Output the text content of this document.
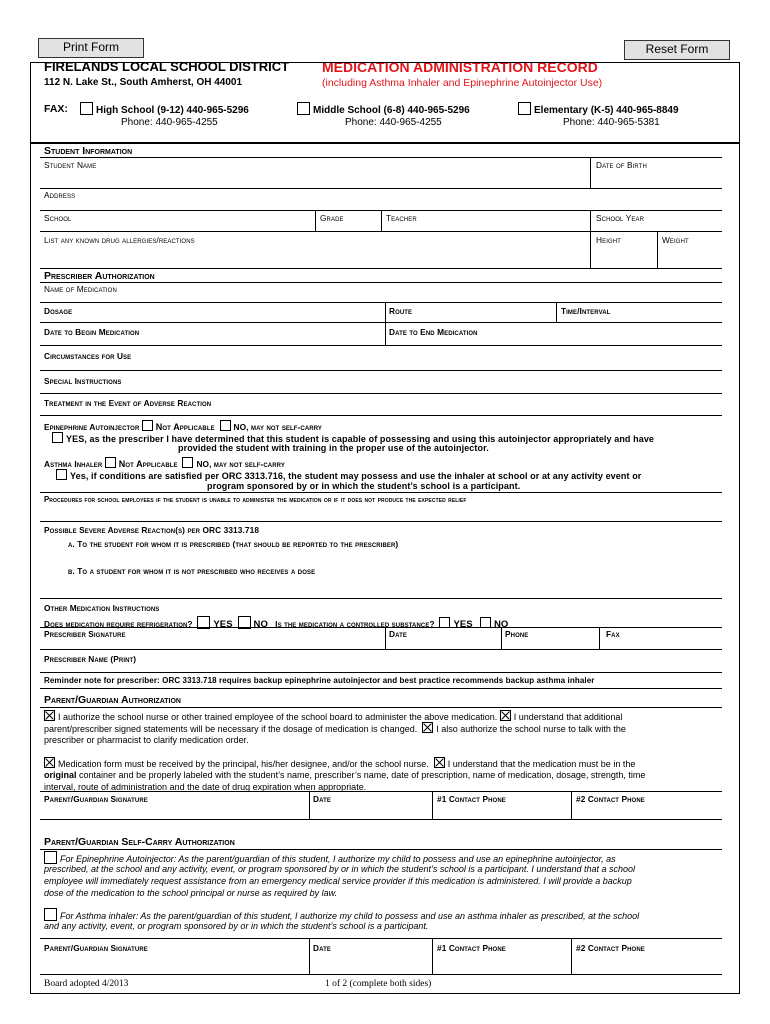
Print Form	Reset Form
FIRELANDS LOCAL SCHOOL DISTRICT
112 N. Lake St., South Amherst, OH 44001
MEDICATION ADMINISTRATION RECORD
(including Asthma Inhaler and Epinephrine Autoinjector Use)
FAX:	High School (9-12) 440-965-5296
Phone: 440-965-4255
Middle School (6-8) 440-965-5296
Phone: 440-965-4255
Elementary (K-5) 440-965-8849
Phone: 440-965-5381
Student Information
Student Name	Date of Birth
Address
School	Grade	Teacher	School Year
List any known drug allergies/reactions	Height	Weight
Prescriber Authorization
Name of Medication
Dosage	Route	Time/Interval
Date to Begin Medication	Date to End Medication
Circumstances for Use
Special Instructions
Treatment in the Event of Adverse Reaction
Epinephrine Autoinjector Not Applicable NO, may not self-carry
YES, as the prescriber I have determined that this student is capable of possessing and using this autoinjector appropriately and have
provided the student with training in the proper use of the autoinjector.
Asthma Inhaler Not Applicable NO, may not self-carry
Yes, if conditions are satisfied per ORC 3313.716, the student may possess and use the inhaler at school or at any activity event or
program sponsored by or in which the student’s school is a participant.
Procedures for school employees if the student is unable to administer the medication or if it does not produce the expected relief
Possible Severe Adverse Reaction(s) per ORC 3313.718
a. To the student for whom it is prescribed (that should be reported to the prescriber)
b. To a student for whom it is not prescribed who receives a dose
Other Medication Instructions
Does medication require refrigeration? YES NO Is the medication a controlled substance? YES NO
Prescriber Signature	Date	Phone	Fax
Prescriber Name (Print)
Reminder note for prescriber: ORC 3313.718 requires backup epinephrine autoinjector and best practice recommends backup asthma inhaler
Parent/Guardian Authorization
I authorize the school nurse or other trained employee of the school board to administer the above medication. I understand that additional
parent/prescriber signed statements will be necessary if the dosage of medication is changed. I also authorize the school nurse to talk with the
prescriber or pharmacist to clarify medication order.
Medication form must be received by the principal, his/her designee, and/or the school nurse. I understand that the medication must be in the
original container and be properly labeled with the student’s name, prescriber’s name, date of prescription, name of medication, dosage, strength, time
interval, route of administration and the date of drug expiration when appropriate.
Parent/Guardian Signature	Date	#1 Contact Phone	#2 Contact Phone
Parent/Guardian Self-Carry Authorization
For Epinephrine Autoinjector: As the parent/guardian of this student, I authorize my child to possess and use an epinephrine autoinjector, as
prescribed, at the school and any activity, event, or program sponsored by or in which the student’s school is a participant. I understand that a school
employee will immediately request assistance from an emergency medical service provider if this medication is administered. I will provide a backup
dose of the medication to the school principal or nurse as required by law.
For Asthma inhaler: As the parent/guardian of this student, I authorize my child to possess and use an asthma inhaler as prescribed, at the school
and any activity, event, or program sponsored by or in which the student’s school is a participant.
Parent/Guardian Signature	Date	#1 Contact Phone	#2 Contact Phone
Board adopted 4/2013	1 of 2 (complete both sides)
